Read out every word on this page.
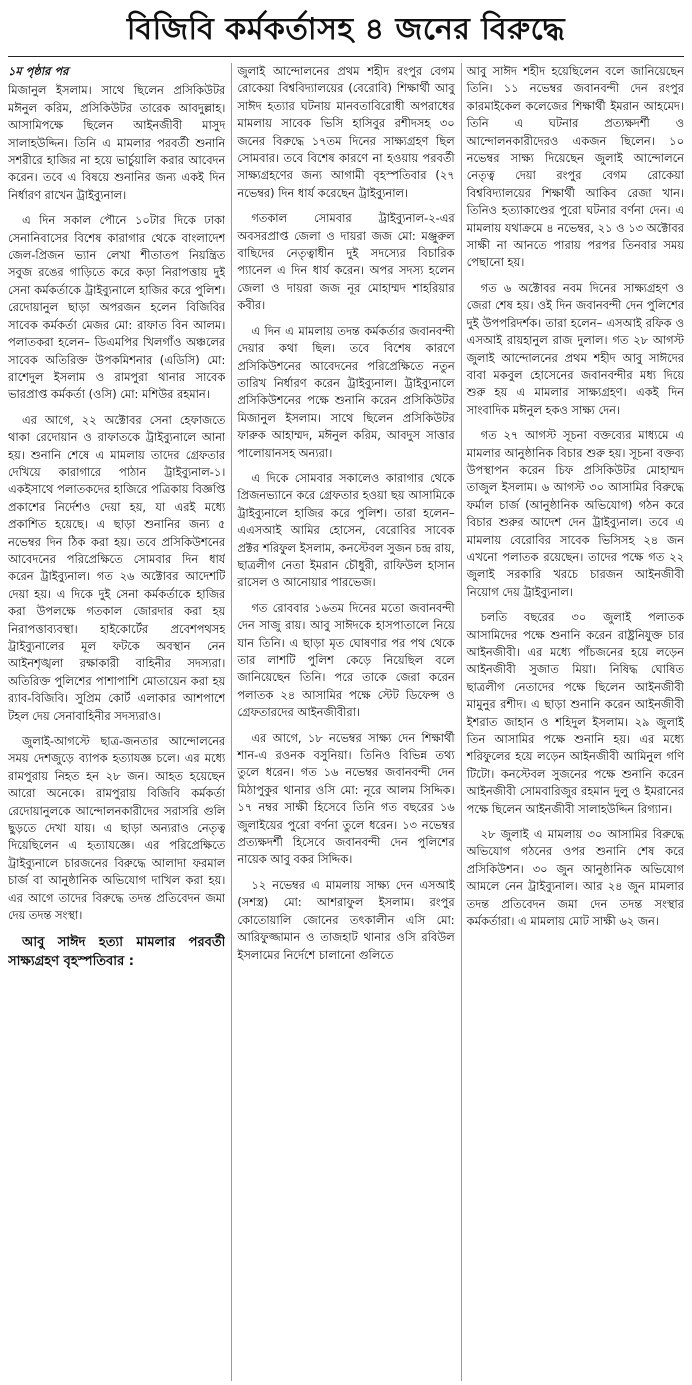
বিজিবি কর্মকর্তাসহ ৪ জনের বিরুদ্ধে
১ম পৃষ্ঠার পর

মিজানুল ইসলাম। সাথে ছিলেন প্রসিকিউটর মঈনুল করিম, প্রসিকিউটর তারেক আবদুল্লাহ। আসামিপক্ষে ছিলেন আইনজীবী মাসুদ সালাহউদ্দিন। তিনি এ মামলার পরবর্তী শুনানি সশরীরে হাজির না হয়ে ভার্চুয়ালি করার আবেদন করেন। তবে এ বিষয়ে শুনানির জন্য একই দিন নির্ধারণ রাখেন ট্রাইব্যুনাল।

এ দিন সকাল পৌনে ১০টার দিকে ঢাকা সেনানিবাসের বিশেষ কারাগার থেকে বাংলাদেশ জেল-প্রিজন ভ্যান লেখা শীতাতপ নিয়ন্ত্রিত সবুজ রঙের গাড়িতে করে কড়া নিরাপত্তায় দুই সেনা কর্মকর্তাকে ট্রাইব্যুনালে হাজির করে পুলিশ। রেদোয়ানুল ছাড়া অপরজন হলেন বিজিবির সাবেক কর্মকর্তা মেজর মো: রাফাত বিন আলম। পলাতকরা হলেন– ডিএমপির খিলগাঁও অঞ্চলের সাবেক অতিরিক্ত উপকমিশনার (এডিসি) মো: রাশেদুল ইসলাম ও রামপুরা থানার সাবেক ভারপ্রাপ্ত কর্মকর্তা (ওসি) মো: মশিউর রহমান।

এর আগে, ২২ অক্টোবর সেনা হেফাজতে থাকা রেদোয়ান ও রাফাতকে ট্রাইব্যুনালে আনা হয়। শুনানি শেষে এ মামলায় তাদের গ্রেফতার দেখিয়ে কারাগারে পাঠান ট্রাইব্যুনাল-১। একইসাথে পলাতকদের হাজিরে পত্রিকায় বিজ্ঞপ্তি প্রকাশের নির্দেশও দেয়া হয়, যা এরই মধ্যে প্রকাশিত হয়েছে। এ ছাড়া শুনানির জন্য ৫ নভেম্বর দিন ঠিক করা হয়। তবে প্রসিকিউশনের আবেদনের পরিপ্রেক্ষিতে সোমবার দিন ধার্য করেন ট্রাইব্যুনাল। গত ২৬ অক্টোবর আদেশটি দেয়া হয়। এ দিকে দুই সেনা কর্মকর্তাকে হাজির করা উপলক্ষে গতকাল জোরদার করা হয় নিরাপত্তাব্যবস্থা। হাইকোর্টের প্রবেশপথসহ ট্রাইব্যুনালের মূল ফটকে অবস্থান নেন আইনশৃঙ্খলা রক্ষাকারী বাহিনীর সদস্যরা। অতিরিক্ত পুলিশের পাশাপাশি মোতায়েন করা হয় র‍্যাব-বিজিবি। সুপ্রিম কোর্ট এলাকার আশপাশে টহল দেয় সেনাবাহিনীর সদস্যরাও।

জুলাই-আগস্টে ছাত্র-জনতার আন্দোলনের সময় দেশজুড়ে ব্যাপক হত্যাযজ্ঞ চলে। এর মধ্যে রামপুরায় নিহত হন ২৮ জন। আহত হয়েছেন আরো অনেকে। রামপুরায় বিজিবি কর্মকর্তা রেদোয়ানুলকে আন্দোলনকারীদের সরাসরি গুলি ছুড়তে দেখা যায়। এ ছাড়া অন্যরাও নেতৃত্ব দিয়েছিলেন এ হত্যাযজ্ঞে। এর পরিপ্রেক্ষিতে ট্রাইব্যুনালে চারজনের বিরুদ্ধে আলাদা ফরমাল চার্জ বা আনুষ্ঠানিক অভিযোগ দাখিল করা হয়। এর আগে তাদের বিরুদ্ধে তদন্ত প্রতিবেদন জমা দেয় তদন্ত সংস্থা।

আবু সাঈদ হত্যা মামলার পরবর্তী সাক্ষ্যগ্রহণ বৃহস্পতিবার :

জুলাই আন্দোলনের প্রথম শহীদ রংপুর বেগম রোকেয়া বিশ্ববিদ্যালয়ের (বেরোবি) শিক্ষার্থী আবু সাঈদ হত্যার ঘটনায় মানবতাবিরোধী অপরাধের মামলায় সাবেক ভিসি হাসিবুর রশীদসহ ৩০ জনের বিরুদ্ধে ১৭তম দিনের সাক্ষ্যগ্রহণ ছিল সোমবার। তবে বিশেষ কারণে না হওয়ায় পরবর্তী সাক্ষ্যগ্রহণের জন্য আগামী বৃহস্পতিবার (২৭ নভেম্বর) দিন ধার্য করেছেন ট্রাইব্যুনাল।

গতকাল সোমবার ট্রাইব্যুনাল-২-এর অবসরপ্রাপ্ত জেলা ও দায়রা জজ মো: মঞ্জুরুল বাছিদের নেতৃত্বাধীন দুই সদস্যের বিচারিক প্যানেল এ দিন ধার্য করেন। অপর সদস্য হলেন জেলা ও দায়রা জজ নূর মোহাম্মদ শাহরিয়ার কবীর।

এ দিন এ মামলায় তদন্ত কর্মকর্তার জবানবন্দী দেয়ার কথা ছিল। তবে বিশেষ কারণে প্রসিকিউশনের আবেদনের পরিপ্রেক্ষিতে নতুন তারিখ নির্ধারণ করেন ট্রাইব্যুনাল। ট্রাইব্যুনালে প্রসিকিউশনের পক্ষে শুনানি করেন প্রসিকিউটর মিজানুল ইসলাম। সাথে ছিলেন প্রসিকিউটর ফারুক আহাম্মদ, মঈনুল করিম, আবদুস সাত্তার পালোয়ানসহ অন্যরা।

এ দিকে সোমবার সকালেও কারাগার থেকে প্রিজনভ্যানে করে গ্রেফতার হওয়া ছয় আসামিকে ট্রাইব্যুনালে হাজির করে পুলিশ। তারা হলেন– এএসআই আমির হোসেন, বেরোবির সাবেক প্রক্টর শরিফুল ইসলাম, কনস্টেবল সুজন চন্দ্র রায়, ছাত্রলীগ নেতা ইমরান চৌধুরী, রাফিউল হাসান রাসেল ও আনোয়ার পারভেজ।

গত রোববার ১৬তম দিনের মতো জবানবন্দী দেন সাজু রায়। আবু সাঈদকে হাসপাতালে নিয়ে যান তিনি। এ ছাড়া মৃত ঘোষণার পর পথ থেকে তার লাশটি পুলিশ কেড়ে নিয়েছিল বলে জানিয়েছেন তিনি। পরে তাকে জেরা করেন পলাতক ২৪ আসামির পক্ষে স্টেট ডিফেন্স ও গ্রেফতারদের আইনজীবীরা।

এর আগে, ১৮ নভেম্বর সাক্ষ্য দেন শিক্ষার্থী শান-এ রওনক বসুনিয়া। তিনিও বিভিন্ন তথ্য তুলে ধরেন। গত ১৬ নভেম্বর জবানবন্দী দেন মিঠাপুকুর থানার ওসি মো: নূরে আলম সিদ্দিক। ১৭ নম্বর সাক্ষী হিসেবে তিনি গত বছরের ১৬ জুলাইয়ের পুরো বর্ণনা তুলে ধরেন। ১৩ নভেম্বর প্রত্যক্ষদর্শী হিসেবে জবানবন্দী দেন পুলিশের নায়েক আবু বকর সিদ্দিক।

১২ নভেম্বর এ মামলায় সাক্ষ্য দেন এসআই (সশস্ত্র) মো: আশরাফুল ইসলাম। রংপুর কোতোয়ালি জোনের তৎকালীন এসি মো: আরিফুজ্জামান ও তাজহাট থানার ওসি রবিউল ইসলামের নির্দেশে চালানো গুলিতে

আবু সাঈদ শহীদ হয়েছিলেন বলে জানিয়েছেন তিনি। ১১ নভেম্বর জবানবন্দী দেন রংপুর কারমাইকেল কলেজের শিক্ষার্থী ইমরান আহমেদ। তিনি এ ঘটনার প্রত্যক্ষদর্শী ও আন্দোলনকারীদেরও একজন ছিলেন। ১০ নভেম্বর সাক্ষ্য দিয়েছেন জুলাই আন্দোলনে নেতৃত্ব দেয়া রংপুর বেগম রোকেয়া বিশ্ববিদ্যালয়ের শিক্ষার্থী আকিব রেজা খান। তিনিও হত্যাকাণ্ডের পুরো ঘটনার বর্ণনা দেন। এ মামলায় যথাক্রমে ৪ নভেম্বর, ২১ ও ১৩ অক্টোবর সাক্ষী না আনতে পারায় পরপর তিনবার সময় পেছানো হয়।

গত ৬ অক্টোবর নবম দিনের সাক্ষ্যগ্রহণ ও জেরা শেষ হয়। ওই দিন জবানবন্দী দেন পুলিশের দুই উপপরিদর্শক। তারা হলেন– এসআই রফিক ও এসআই রায়হানুল রাজ দুলাল। গত ২৮ আগস্ট জুলাই আন্দোলনের প্রথম শহীদ আবু সাঈদের বাবা মকবুল হোসেনের জবানবন্দীর মধ্য দিয়ে শুরু হয় এ মামলার সাক্ষ্যগ্রহণ। একই দিন সাংবাদিক মঈনুল হকও সাক্ষ্য দেন।

গত ২৭ আগস্ট সূচনা বক্তব্যের মাধ্যমে এ মামলার আনুষ্ঠানিক বিচার শুরু হয়। সূচনা বক্তব্য উপস্থাপন করেন চিফ প্রসিকিউটর মোহাম্মদ তাজুল ইসলাম। ৬ আগস্ট ৩০ আসামির বিরুদ্ধে ফর্মাল চার্জ (আনুষ্ঠানিক অভিযোগ) গঠন করে বিচার শুরুর আদেশ দেন ট্রাইব্যুনাল। তবে এ মামলায় বেরোবির সাবেক ভিসিসহ ২৪ জন এখনো পলাতক রয়েছেন। তাদের পক্ষে গত ২২ জুলাই সরকারি খরচে চারজন আইনজীবী নিয়োগ দেয় ট্রাইব্যুনাল।

চলতি বছরের ৩০ জুলাই পলাতক আসামিদের পক্ষে শুনানি করেন রাষ্ট্রনিযুক্ত চার আইনজীবী। এর মধ্যে পাঁচজনের হয়ে লড়েন আইনজীবী সুজাত মিয়া। নিষিদ্ধ ঘোষিত ছাত্রলীগ নেতাদের পক্ষে ছিলেন আইনজীবী মামুনুর রশীদ। এ ছাড়া শুনানি করেন আইনজীবী ইশরাত জাহান ও শহিদুল ইসলাম। ২৯ জুলাই তিন আসামির পক্ষে শুনানি হয়। এর মধ্যে শরিফুলের হয়ে লড়েন আইনজীবী আমিনুল গণি টিটো। কনস্টেবল সুজনের পক্ষে শুনানি করেন আইনজীবী সোমবারিজুর রহমান দুলু ও ইমরানের পক্ষে ছিলেন আইনজীবী সালাহউদ্দিন রিগ্যান।

২৮ জুলাই এ মামলায় ৩০ আসামির বিরুদ্ধে অভিযোগ গঠনের ওপর শুনানি শেষ করে প্রসিকিউশন। ৩০ জুন আনুষ্ঠানিক অভিযোগ আমলে নেন ট্রাইব্যুনাল। আর ২৪ জুন মামলার তদন্ত প্রতিবেদন জমা দেন তদন্ত সংস্থার কর্মকর্তারা। এ মামলায় মোট সাক্ষী ৬২ জন।
